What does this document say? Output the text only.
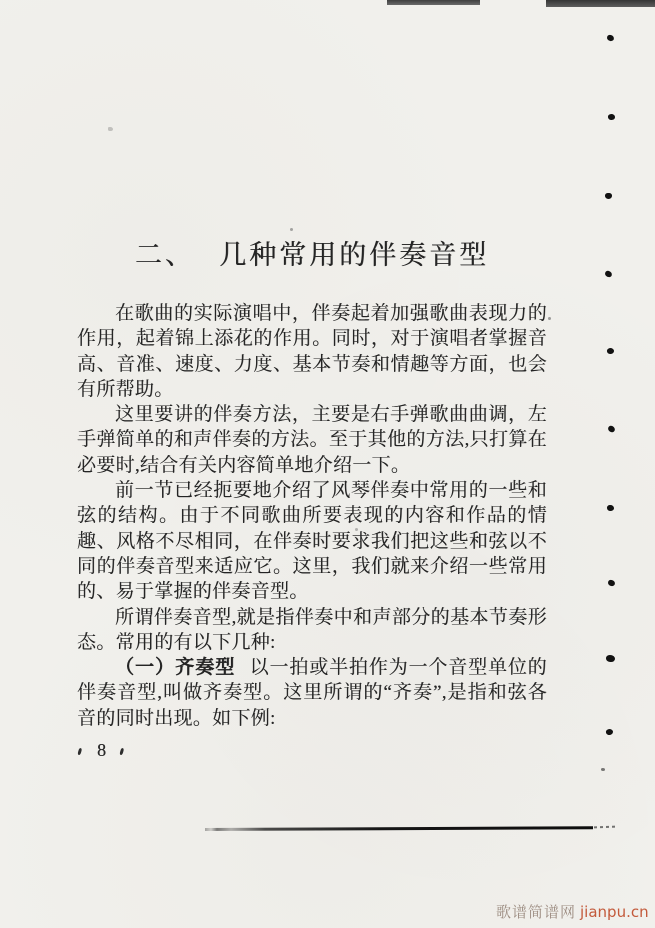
二、 几种常用的伴奏音型

在歌曲的实际演唱中，伴奏起着加强歌曲表现力的作用，起着锦上添花的作用。同时，对于演唱者掌握音高、音准、速度、力度、基本节奏和情趣等方面，也会有所帮助。

这里要讲的伴奏方法，主要是右手弹歌曲曲调，左手弹简单的和声伴奏的方法。至于其他的方法,只打算在必要时,结合有关内容简单地介绍一下。

前一节已经扼要地介绍了风琴伴奏中常用的一些和弦的结构。由于不同歌曲所要表现的内容和作品的情趣、风格不尽相同，在伴奏时要求我们把这些和弦以不同的伴奏音型来适应它。这里，我们就来介绍一些常用的、易于掌握的伴奏音型。

所谓伴奏音型,就是指伴奏中和声部分的基本节奏形态。常用的有以下几种:

（一）齐奏型 以一拍或半拍作为一个音型单位的伴奏音型,叫做齐奏型。这里所谓的“齐奏”,是指和弦各音的同时出现。如下例:

8
歌谱简谱网 jianpu.cn
